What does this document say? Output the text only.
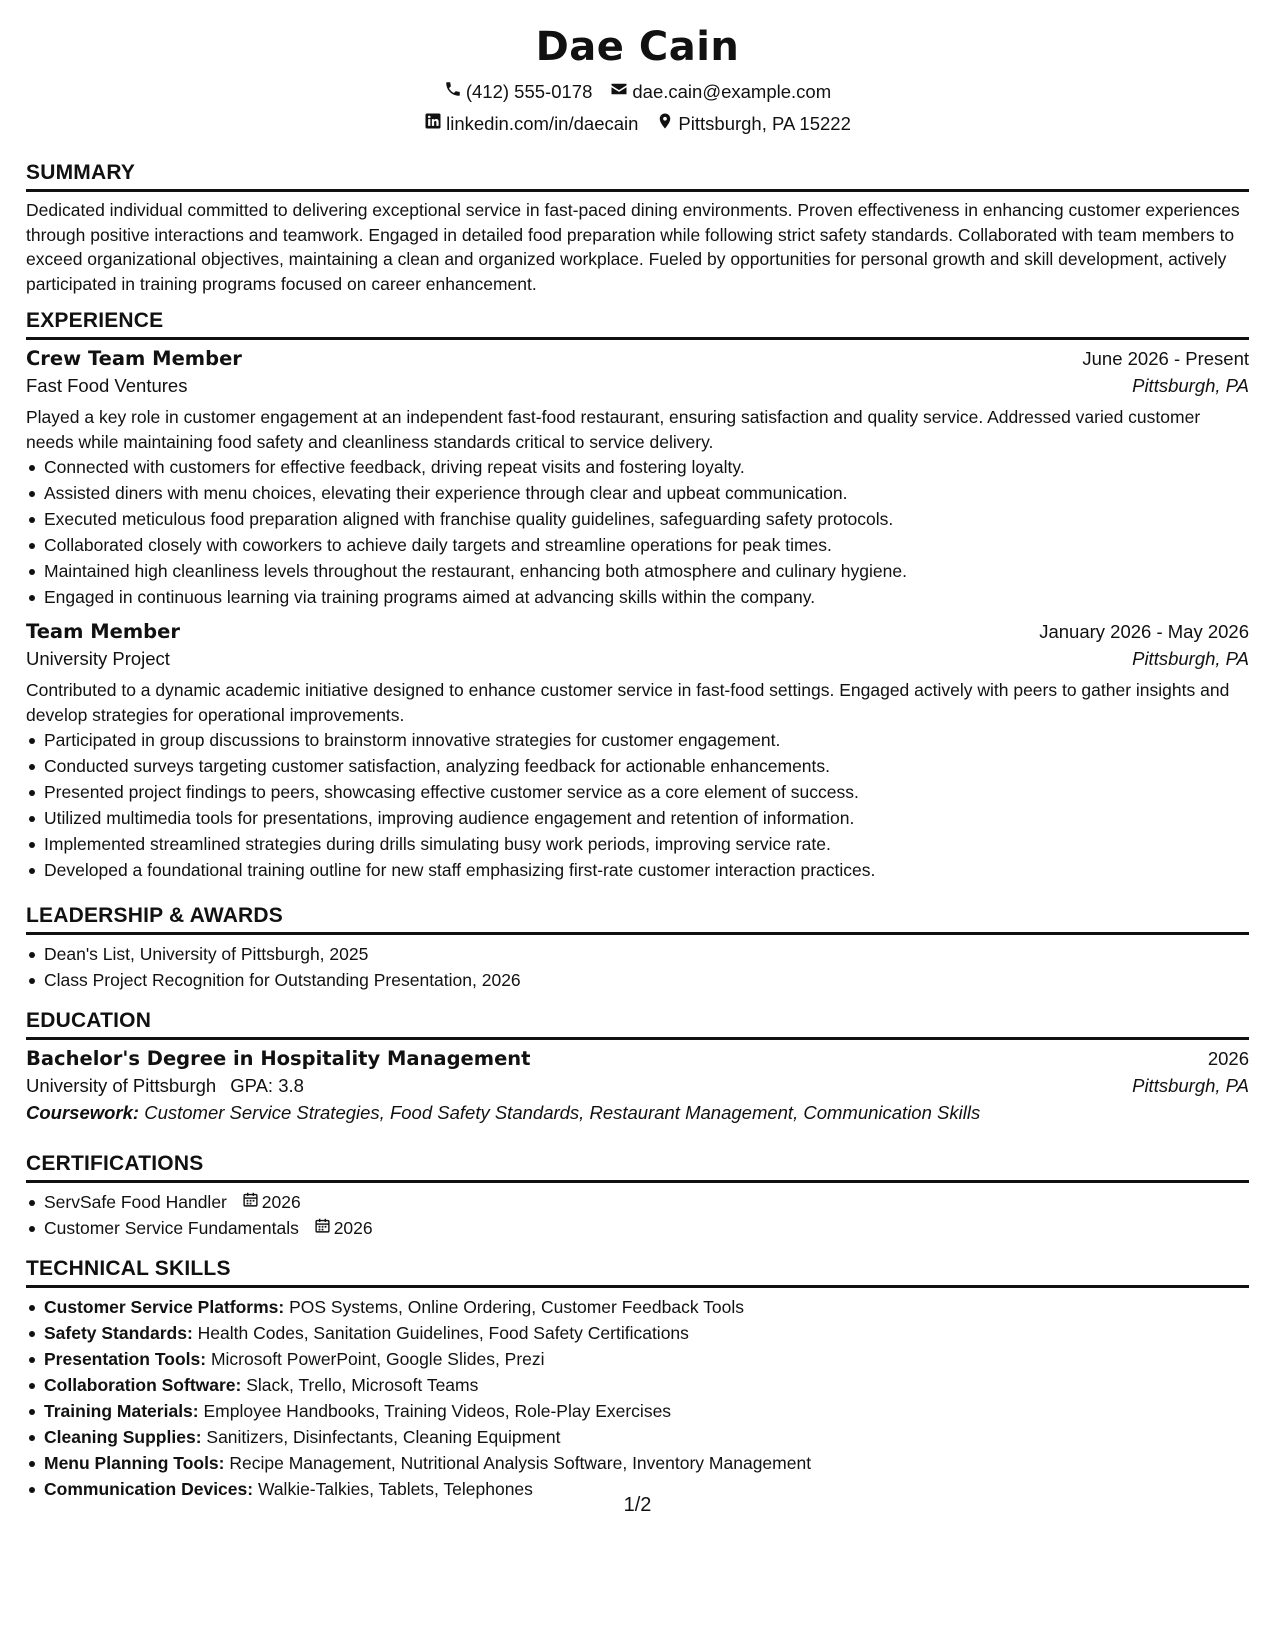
Dae Cain
(412) 555-0178 dae.cain@example.com
linkedin.com/in/daecain Pittsburgh, PA 15222
SUMMARY
Dedicated individual committed to delivering exceptional service in fast-paced dining environments. Proven effectiveness in enhancing customer experiences through positive interactions and teamwork. Engaged in detailed food preparation while following strict safety standards. Collaborated with team members to exceed organizational objectives, maintaining a clean and organized workplace. Fueled by opportunities for personal growth and skill development, actively participated in training programs focused on career enhancement.
EXPERIENCE
Crew Team Member	June 2026 - Present
Fast Food Ventures	Pittsburgh, PA
Played a key role in customer engagement at an independent fast-food restaurant, ensuring satisfaction and quality service. Addressed varied customer needs while maintaining food safety and cleanliness standards critical to service delivery.
Connected with customers for effective feedback, driving repeat visits and fostering loyalty.
Assisted diners with menu choices, elevating their experience through clear and upbeat communication.
Executed meticulous food preparation aligned with franchise quality guidelines, safeguarding safety protocols.
Collaborated closely with coworkers to achieve daily targets and streamline operations for peak times.
Maintained high cleanliness levels throughout the restaurant, enhancing both atmosphere and culinary hygiene.
Engaged in continuous learning via training programs aimed at advancing skills within the company.
Team Member	January 2026 - May 2026
University Project	Pittsburgh, PA
Contributed to a dynamic academic initiative designed to enhance customer service in fast-food settings. Engaged actively with peers to gather insights and develop strategies for operational improvements.
Participated in group discussions to brainstorm innovative strategies for customer engagement.
Conducted surveys targeting customer satisfaction, analyzing feedback for actionable enhancements.
Presented project findings to peers, showcasing effective customer service as a core element of success.
Utilized multimedia tools for presentations, improving audience engagement and retention of information.
Implemented streamlined strategies during drills simulating busy work periods, improving service rate.
Developed a foundational training outline for new staff emphasizing first-rate customer interaction practices.
LEADERSHIP & AWARDS
Dean's List, University of Pittsburgh, 2025
Class Project Recognition for Outstanding Presentation, 2026
EDUCATION
Bachelor's Degree in Hospitality Management	2026
University of Pittsburgh GPA: 3.8	Pittsburgh, PA
Coursework: Customer Service Strategies, Food Safety Standards, Restaurant Management, Communication Skills
CERTIFICATIONS
ServSafe Food Handler 2026
Customer Service Fundamentals 2026
TECHNICAL SKILLS
Customer Service Platforms: POS Systems, Online Ordering, Customer Feedback Tools
Safety Standards: Health Codes, Sanitation Guidelines, Food Safety Certifications
Presentation Tools: Microsoft PowerPoint, Google Slides, Prezi
Collaboration Software: Slack, Trello, Microsoft Teams
Training Materials: Employee Handbooks, Training Videos, Role-Play Exercises
Cleaning Supplies: Sanitizers, Disinfectants, Cleaning Equipment
Menu Planning Tools: Recipe Management, Nutritional Analysis Software, Inventory Management
Communication Devices: Walkie-Talkies, Tablets, Telephones
1/2
